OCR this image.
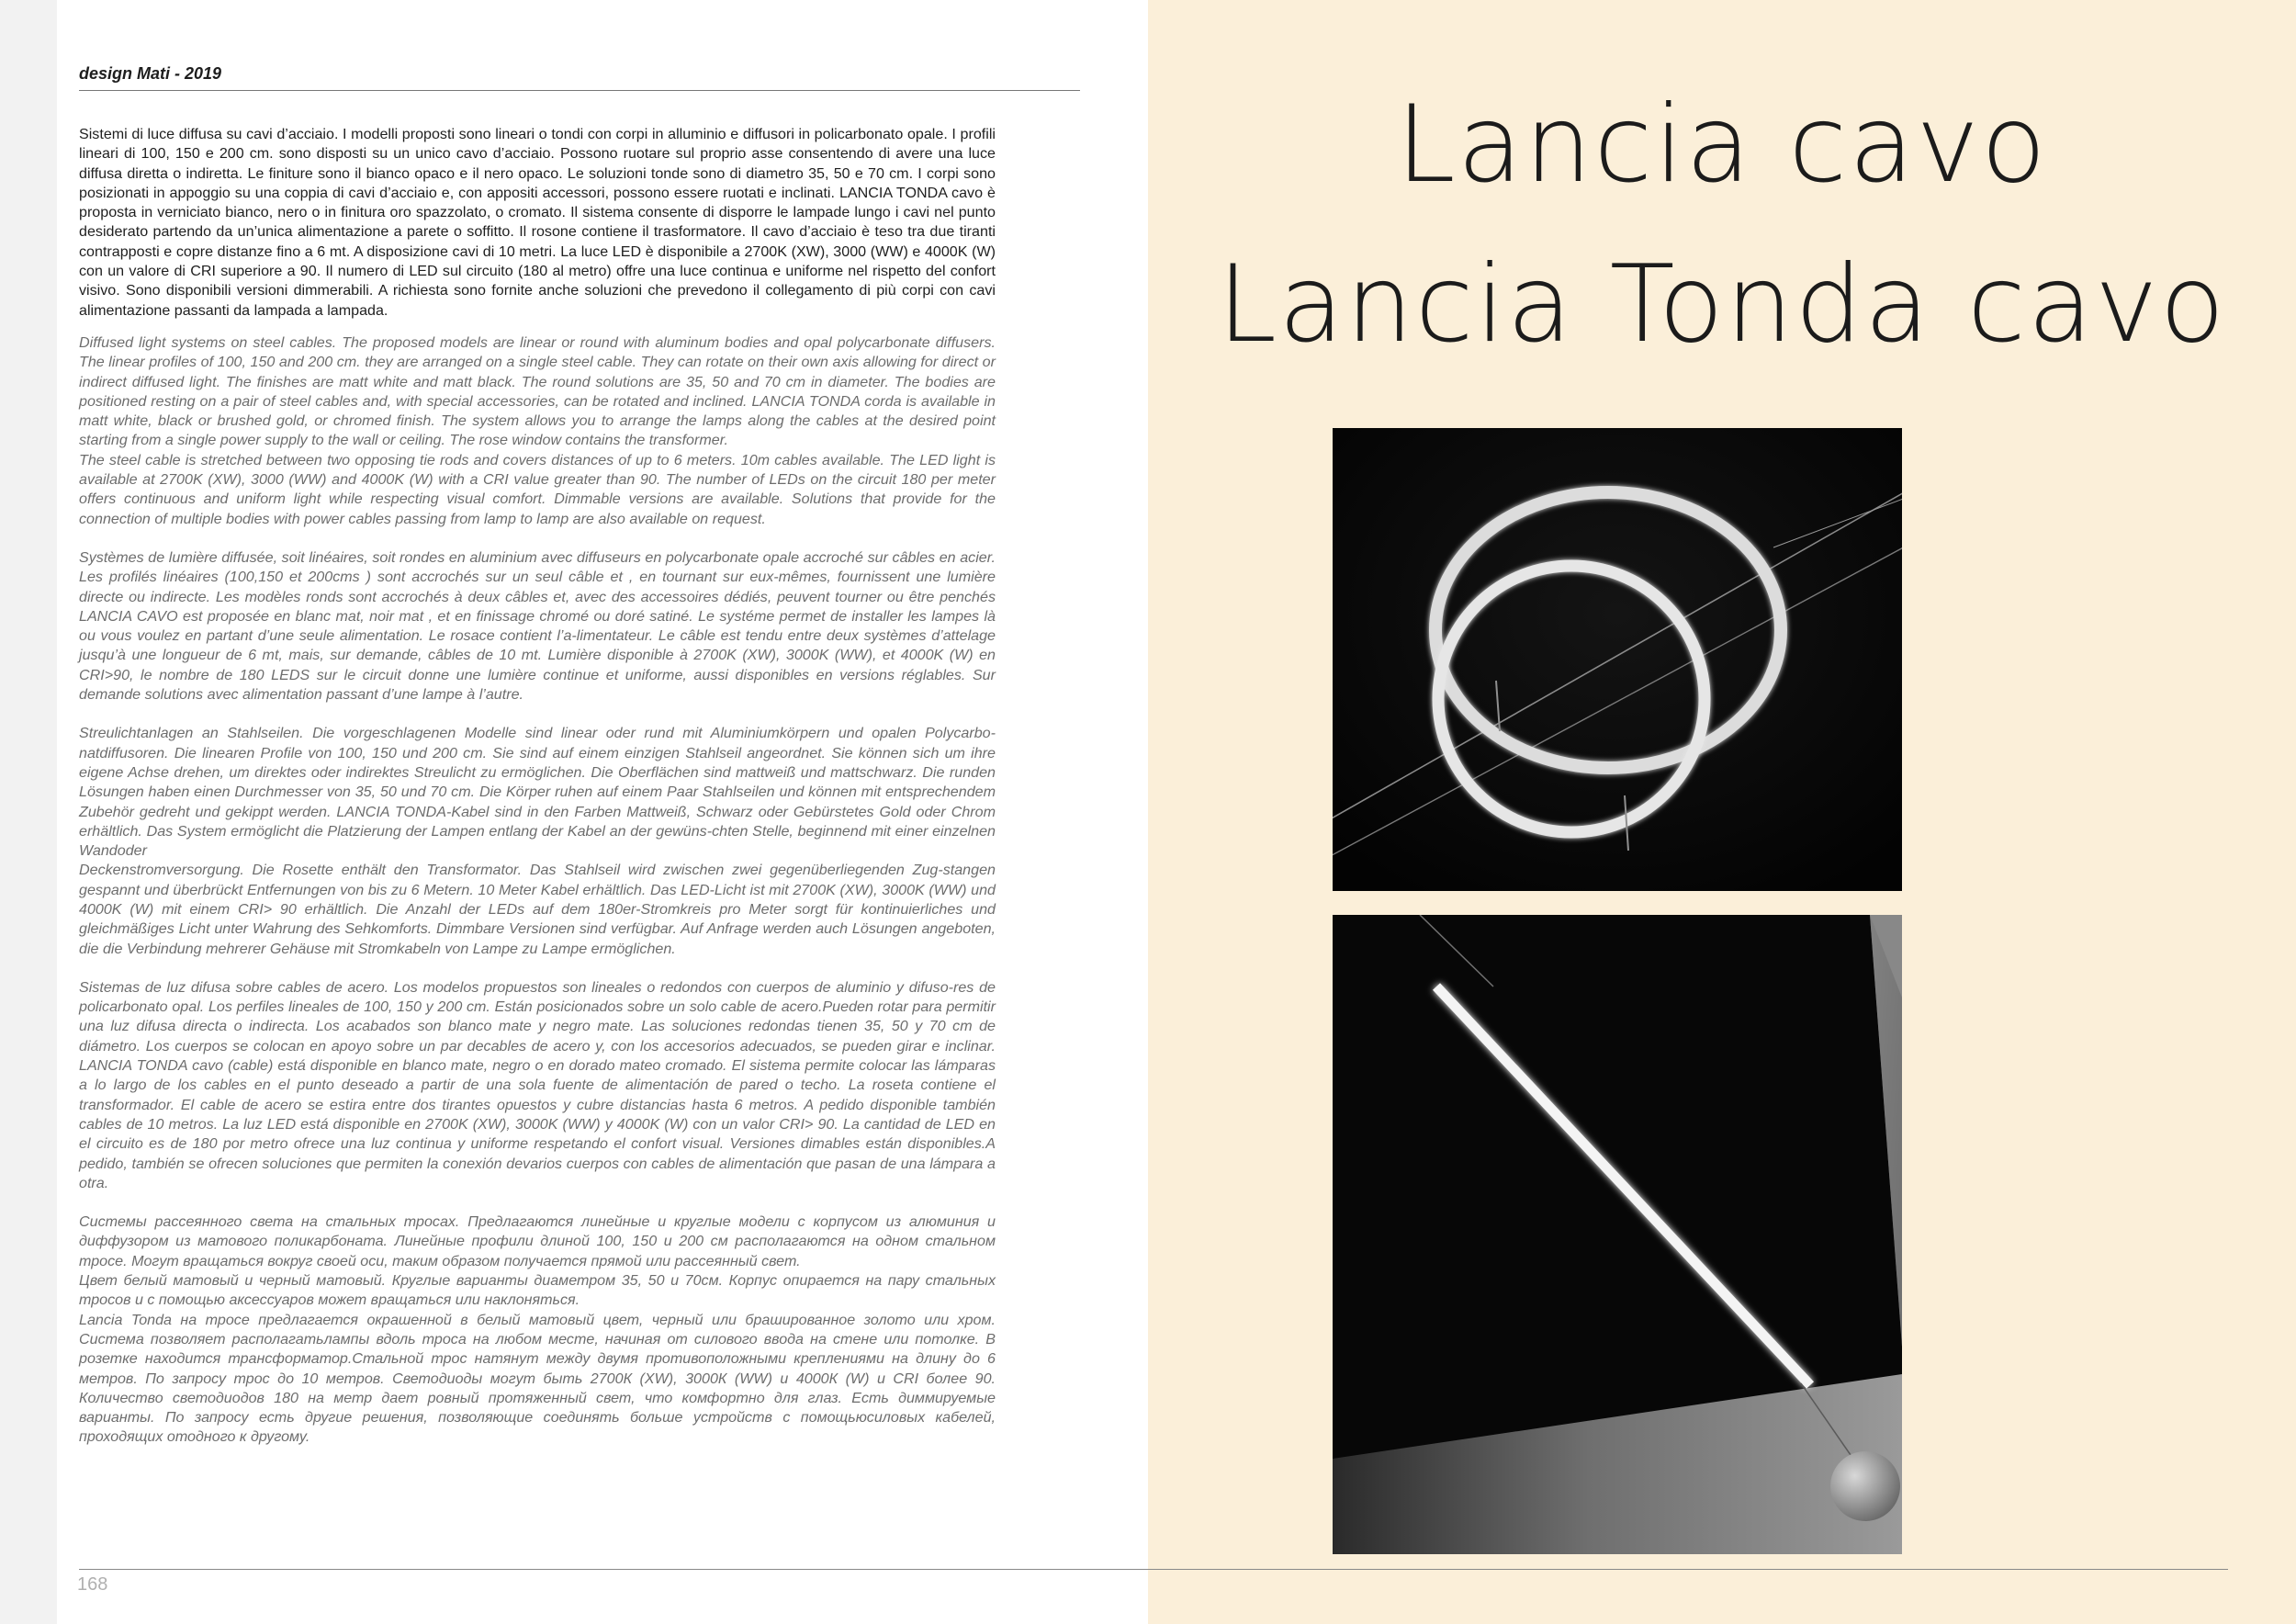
design Mati - 2019

Sistemi di luce diffusa su cavi d’acciaio. I modelli proposti sono lineari o tondi con corpi in alluminio e diffusori in policarbonato opale. I profili lineari di 100, 150 e 200 cm. sono disposti su un unico cavo d’acciaio. Possono ruotare sul proprio asse consentendo di avere una luce diffusa diretta o indiretta. Le finiture sono il bianco opaco e il nero opaco. Le soluzioni tonde sono di diametro 35, 50 e 70 cm. I corpi sono posizionati in appoggio su una coppia di cavi d’acciaio e, con appositi accessori, possono essere ruotati e inclinati. LANCIA TONDA cavo è proposta in verniciato bianco, nero o in finitura oro spazzolato, o cromato. Il sistema consente di disporre le lampade lungo i cavi nel punto desiderato partendo da un’unica alimentazione a parete o soffitto. Il rosone contiene il trasformatore. Il cavo d’acciaio è teso tra due tiranti contrapposti e copre distanze fino a 6 mt. A disposizione cavi di 10 metri. La luce LED è disponibile a 2700K (XW), 3000 (WW) e 4000K (W) con un valore di CRI superiore a 90. Il numero di LED sul circuito (180 al metro) offre una luce continua e uniforme nel rispetto del confort visivo. Sono disponibili versioni dimmerabili. A richiesta sono fornite anche soluzioni che prevedono il collegamento di più corpi con cavi alimentazione passanti da lampada a lampada.

Diffused light systems on steel cables. The proposed models are linear or round with aluminum bodies and opal polycarbonate diffusers. The linear profiles of 100, 150 and 200 cm. they are arranged on a single steel cable. They can rotate on their own axis allowing for direct or indirect diffused light. The finishes are matt white and matt black. The round solutions are 35, 50 and 70 cm in diameter. The bodies are positioned resting on a pair of steel cables and, with special accessories, can be rotated and inclined. LANCIA TONDA corda is available in matt white, black or brushed gold, or chromed finish. The system allows you to arrange the lamps along the cables at the desired point starting from a single power supply to the wall or ceiling. The rose window contains the transformer.
The steel cable is stretched between two opposing tie rods and covers distances of up to 6 meters. 10m cables available. The LED light is available at 2700K (XW), 3000 (WW) and 4000K (W) with a CRI value greater than 90. The number of LEDs on the circuit 180 per meter offers continuous and uniform light while respecting visual comfort. Dimmable versions are available. Solutions that provide for the connection of multiple bodies with power cables passing from lamp to lamp are also available on request.

Systèmes de lumière diffusée, soit linéaires, soit rondes en aluminium avec diffuseurs en polycarbonate opale accroché sur câbles en acier. Les profilés linéaires (100,150 et 200cms ) sont accrochés sur un seul câble et , en tournant sur eux-mêmes, fournissent une lumière directe ou indirecte. Les modèles ronds sont accrochés à deux câbles et, avec des accessoires dédiés, peuvent tourner ou être penchés LANCIA CAVO est proposée en blanc mat, noir mat , et en finissage chromé ou doré satiné. Le systéme permet de installer les lampes là ou vous voulez en partant d’une seule alimentation. Le rosace contient l’a-limentateur. Le câble est tendu entre deux systèmes d’attelage jusqu’à une longueur de 6 mt, mais, sur demande, câbles de 10 mt. Lumière disponible à 2700K (XW), 3000K (WW), et 4000K (W) en CRI>90, le nombre de 180 LEDS sur le circuit donne une lumière continue et uniforme, aussi disponibles en versions réglables. Sur demande solutions avec alimentation passant d’une lampe à l’autre.

Streulichtanlagen an Stahlseilen. Die vorgeschlagenen Modelle sind linear oder rund mit Aluminiumkörpern und opalen Polycarbo-natdiffusoren. Die linearen Profile von 100, 150 und 200 cm. Sie sind auf einem einzigen Stahlseil angeordnet. Sie können sich um ihre eigene Achse drehen, um direktes oder indirektes Streulicht zu ermöglichen. Die Oberflächen sind mattweiß und mattschwarz. Die runden Lösungen haben einen Durchmesser von 35, 50 und 70 cm. Die Körper ruhen auf einem Paar Stahlseilen und können mit entsprechendem Zubehör gedreht und gekippt werden. LANCIA TONDA-Kabel sind in den Farben Mattweiß, Schwarz oder Gebürstetes Gold oder Chrom erhältlich. Das System ermöglicht die Platzierung der Lampen entlang der Kabel an der gewüns-chten Stelle, beginnend mit einer einzelnen Wandoder
Deckenstromversorgung. Die Rosette enthält den Transformator. Das Stahlseil wird zwischen zwei gegenüberliegenden Zug-stangen gespannt und überbrückt Entfernungen von bis zu 6 Metern. 10 Meter Kabel erhältlich. Das LED-Licht ist mit 2700K (XW), 3000K (WW) und 4000K (W) mit einem CRI> 90 erhältlich. Die Anzahl der LEDs auf dem 180er-Stromkreis pro Meter sorgt für kontinuierliches und gleichmäßiges Licht unter Wahrung des Sehkomforts. Dimmbare Versionen sind verfügbar. Auf Anfrage werden auch Lösungen angeboten, die die Verbindung mehrerer Gehäuse mit Stromkabeln von Lampe zu Lampe ermöglichen.

Sistemas de luz difusa sobre cables de acero. Los modelos propuestos son lineales o redondos con cuerpos de aluminio y difuso-res de policarbonato opal. Los perfiles lineales de 100, 150 y 200 cm. Están posicionados sobre un solo cable de acero.Pueden rotar para permitir una luz difusa directa o indirecta. Los acabados son blanco mate y negro mate. Las soluciones redondas tienen 35, 50 y 70 cm de diámetro. Los cuerpos se colocan en apoyo sobre un par decables de acero y, con los accesorios adecuados, se pueden girar e inclinar. LANCIA TONDA cavo (cable) está disponible en blanco mate, negro o en dorado mateo cromado. El sistema permite colocar las lámparas a lo largo de los cables en el punto deseado a partir de una sola fuente de alimentación de pared o techo. La roseta contiene el transformador. El cable de acero se estira entre dos tirantes opuestos y cubre distancias hasta 6 metros. A pedido disponible también cables de 10 metros. La luz LED está disponible en 2700K (XW), 3000K (WW) y 4000K (W) con un valor CRI> 90. La cantidad de LED en el circuito es de 180 por metro ofrece una luz continua y uniforme respetando el confort visual. Versiones dimables están disponibles.A pedido, también se ofrecen soluciones que permiten la conexión devarios cuerpos con cables de alimentación que pasan de una lámpara a otra.

Системы рассеянного света на стальных тросах. Предлагаются линейные и круглые модели с корпусом из алюминия и диффузором из матового поликарбоната. Линейные профили длиной 100, 150 и 200 см располагаются на одном стальном тросе. Могут вращаться вокруг своей оси, таким образом получается прямой или рассеянный свет.
Цвет белый матовый и черный матовый. Круглые варианты диаметром 35, 50 и 70см. Корпус опирается на пару стальных тросов и с помощью аксессуаров может вращаться или наклоняться.
Lancia Tonda на тросе предлагается окрашенной в белый матовый цвет, черный или брашированное золото или хром. Система позволяет располагатьлампы вдоль троса на любом месте, начиная от силового ввода на стене или потолке. В розетке находится трансформатор.Стальной трос натянут между двумя противоположными креплениями на длину до 6 метров. По запросу трос до 10 метров. Светодиоды могут быть 2700К (XW), 3000К (WW) и 4000К (W) и CRI более 90. Количество светодиодов 180 на метр дает ровный протяженный свет, что комфортно для глаз. Есть диммируемые варианты. По запросу есть другие решения, позволяющие соединять больше устройств с помощьюсиловых кабелей, проходящих отодного к другому.

Lancia cavo
Lancia Tonda cavo
168
